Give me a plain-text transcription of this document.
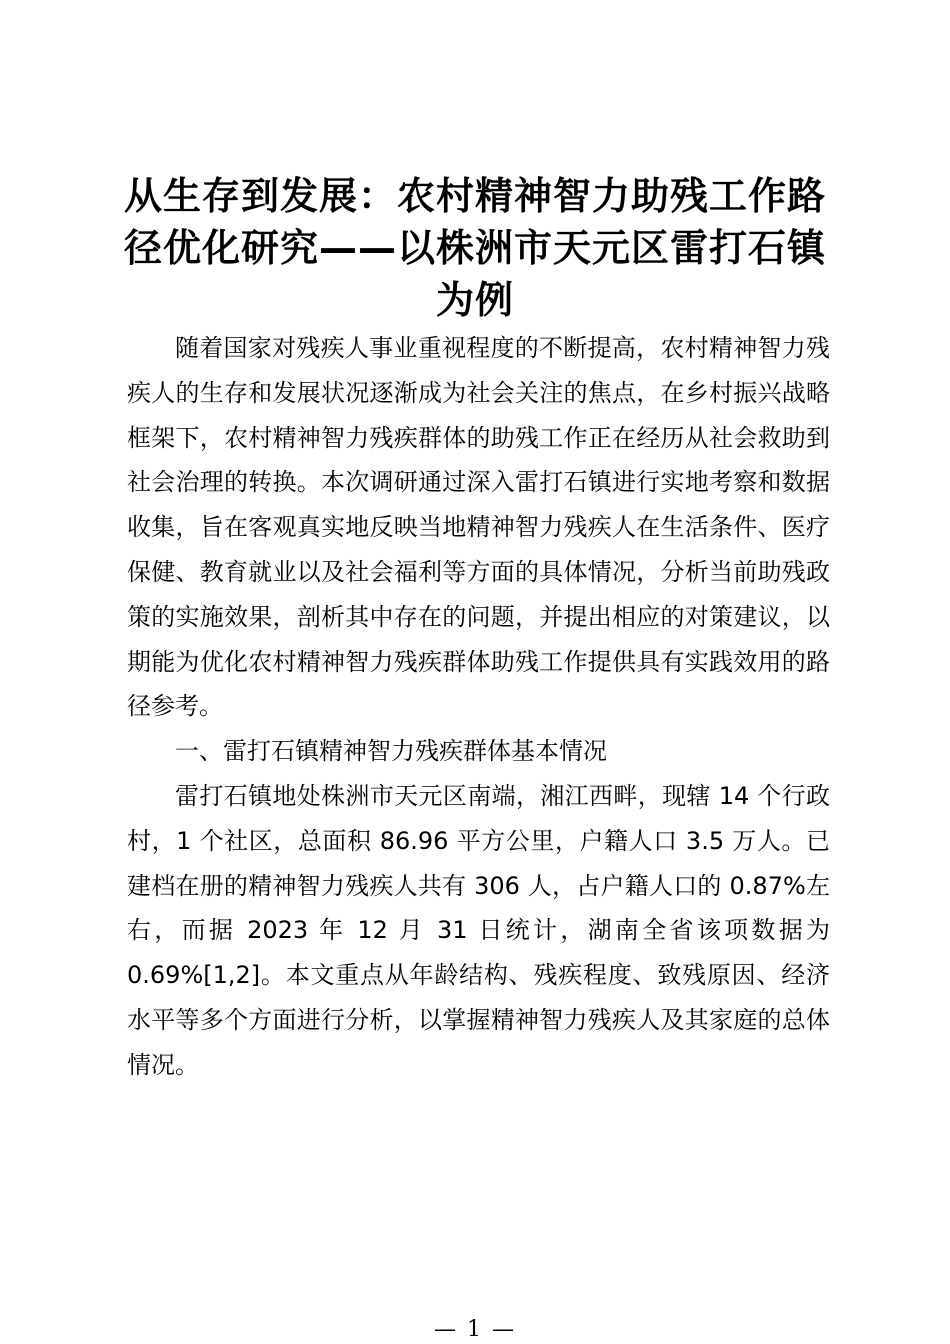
从生存到发展：农村精神智力助残工作路径优化研究——以株洲市天元区雷打石镇为例

随着国家对残疾人事业重视程度的不断提高，农村精神智力残疾人的生存和发展状况逐渐成为社会关注的焦点，在乡村振兴战略框架下，农村精神智力残疾群体的助残工作正在经历从社会救助到社会治理的转换。本次调研通过深入雷打石镇进行实地考察和数据收集，旨在客观真实地反映当地精神智力残疾人在生活条件、医疗保健、教育就业以及社会福利等方面的具体情况，分析当前助残政策的实施效果，剖析其中存在的问题，并提出相应的对策建议，以期能为优化农村精神智力残疾群体助残工作提供具有实践效用的路径参考。

一、雷打石镇精神智力残疾群体基本情况

雷打石镇地处株洲市天元区南端，湘江西畔，现辖 14 个行政村，1 个社区，总面积 86.96 平方公里，户籍人口 3.5 万人。已建档在册的精神智力残疾人共有 306 人，占户籍人口的 0.87%左右，而据 2023 年 12 月 31 日统计，湖南全省该项数据为 0.69%[1,2]。本文重点从年龄结构、残疾程度、致残原因、经济水平等多个方面进行分析，以掌握精神智力残疾人及其家庭的总体情况。

— 1 —
